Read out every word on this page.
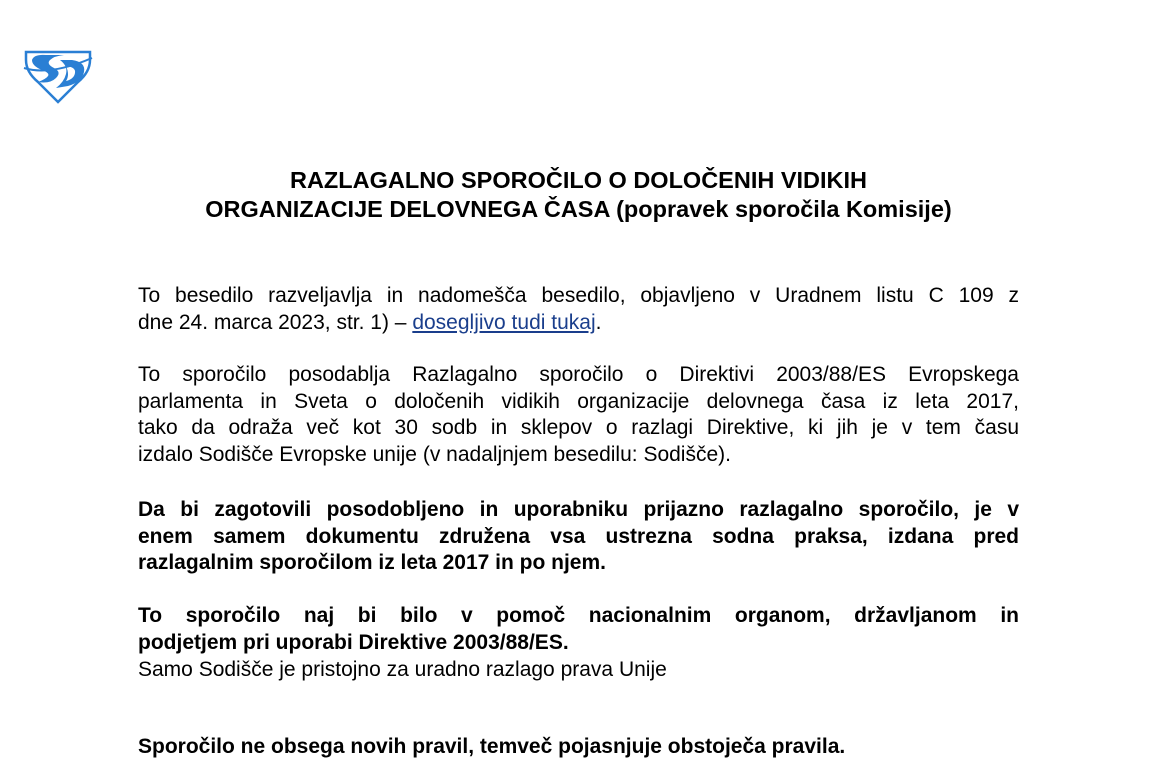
RAZLAGALNO SPOROČILO O DOLOČENIH VIDIKIH
ORGANIZACIJE DELOVNEGA ČASA (popravek sporočila Komisije)

To besedilo razveljavlja in nadomešča besedilo, objavljeno v Uradnem listu C 109 z
dne 24. marca 2023, str. 1) – dosegljivo tudi tukaj.

To sporočilo posodablja Razlagalno sporočilo o Direktivi 2003/88/ES Evropskega
parlamenta in Sveta o določenih vidikih organizacije delovnega časa iz leta 2017,
tako da odraža več kot 30 sodb in sklepov o razlagi Direktive, ki jih je v tem času
izdalo Sodišče Evropske unije (v nadaljnjem besedilu: Sodišče).

Da bi zagotovili posodobljeno in uporabniku prijazno razlagalno sporočilo, je v
enem samem dokumentu združena vsa ustrezna sodna praksa, izdana pred
razlagalnim sporočilom iz leta 2017 in po njem.

To sporočilo naj bi bilo v pomoč nacionalnim organom, državljanom in
podjetjem pri uporabi Direktive 2003/88/ES.

Samo Sodišče je pristojno za uradno razlago prava Unije

Sporočilo ne obsega novih pravil, temveč pojasnjuje obstoječa pravila.
